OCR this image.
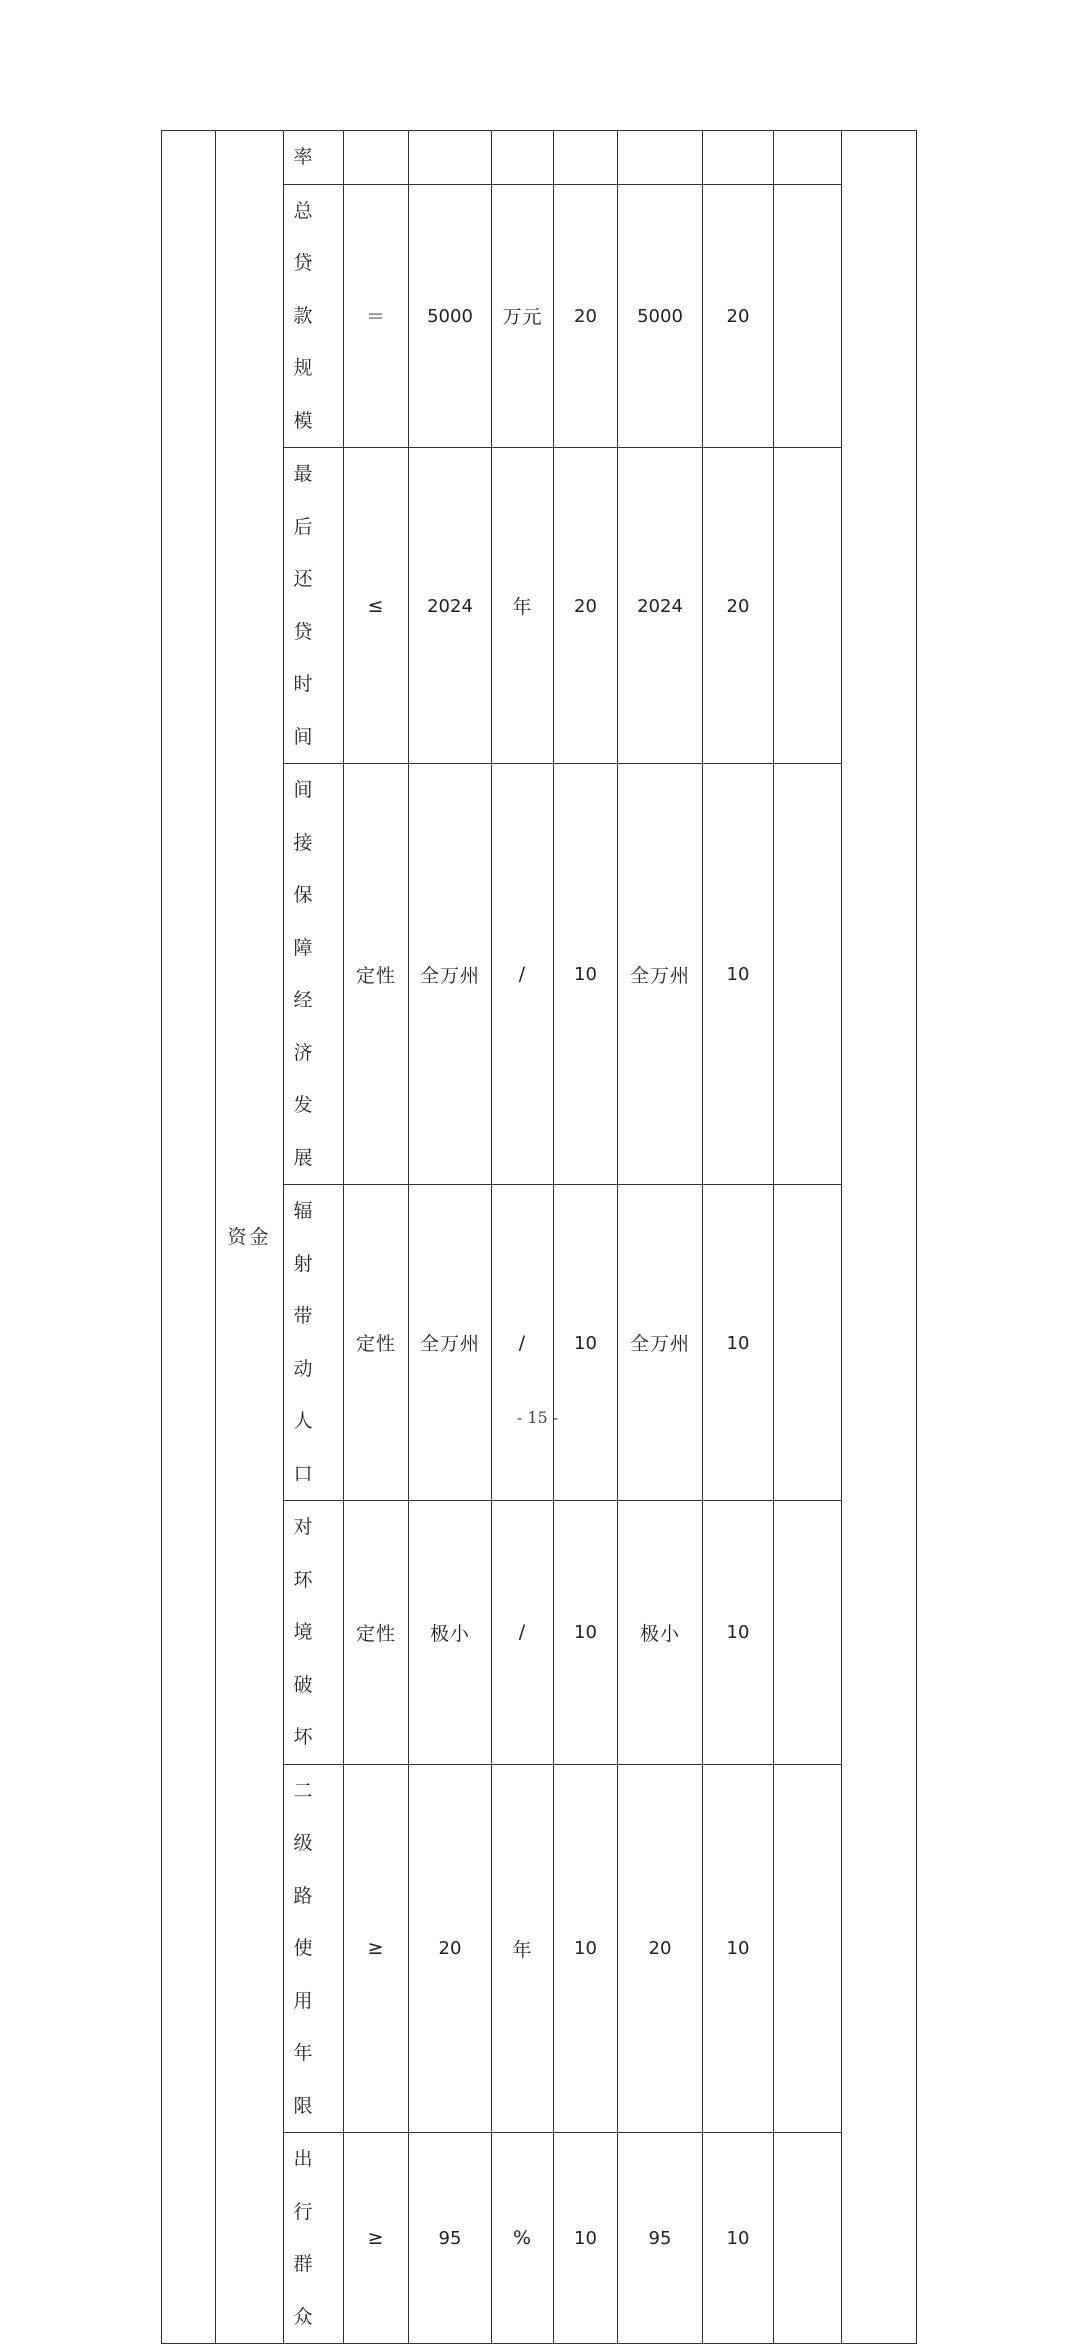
	资金	率								

		总贷款规模	＝	5000	万元	20	5000	20		

		最后还贷时间	≤	2024	年	20	2024	20		

		间接保障经济发展	定性	全万州	/	10	全万州	10		

		辐射带动人口	定性	全万州	/	10	全万州	10		

		对环境破坏	定性	极小	/	10	极小	10		

		二级路使用年限	≥	20	年	10	20	10		

		出行群众	≥	95	%	10	95	10		
- 15 -
